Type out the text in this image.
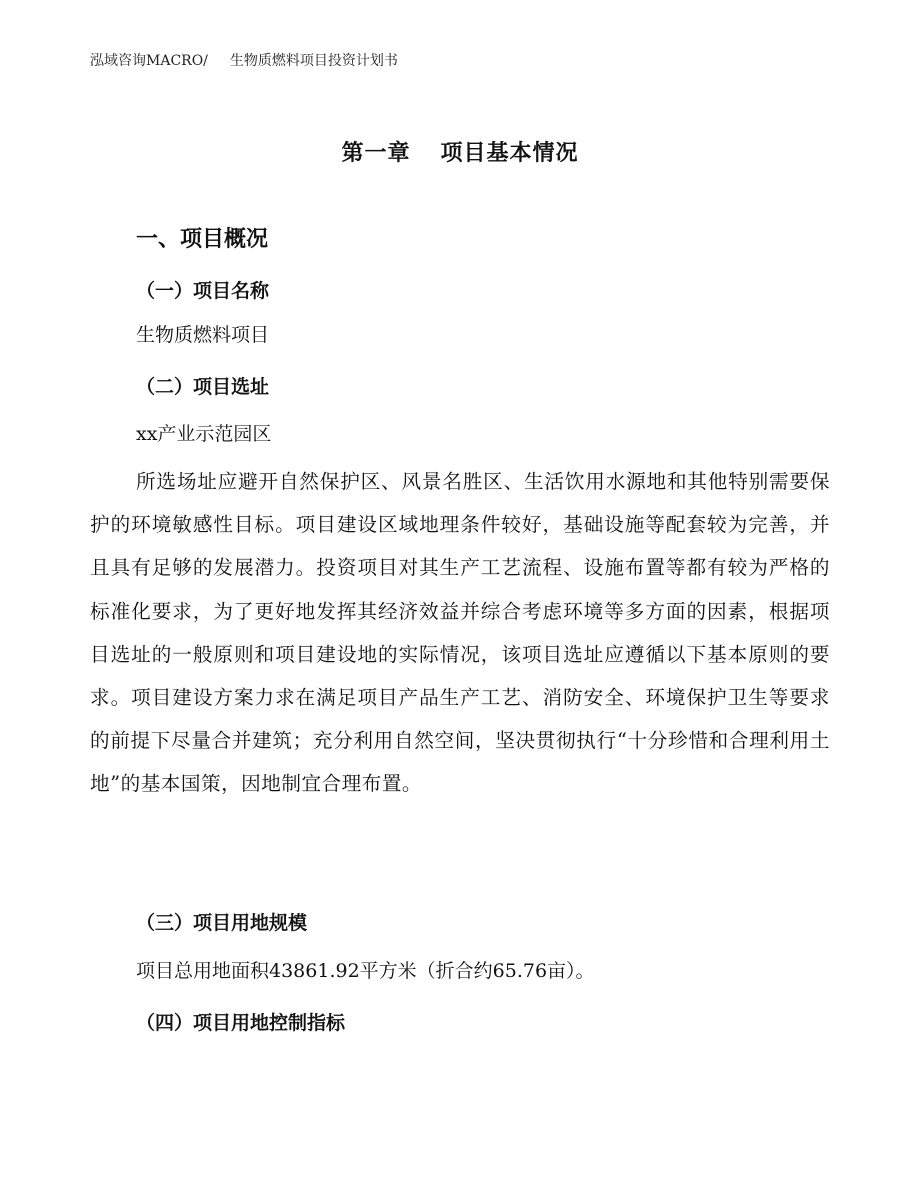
泓域咨询MACRO/ 生物质燃料项目投资计划书
第一章 项目基本情况
一、项目概况
（一）项目名称
生物质燃料项目
（二）项目选址
xx产业示范园区
所选场址应避开自然保护区、风景名胜区、生活饮用水源地和其他特别需要保护的环境敏感性目标。项目建设区域地理条件较好，基础设施等配套较为完善，并且具有足够的发展潜力。投资项目对其生产工艺流程、设施布置等都有较为严格的标准化要求，为了更好地发挥其经济效益并综合考虑环境等多方面的因素，根据项目选址的一般原则和项目建设地的实际情况，该项目选址应遵循以下基本原则的要求。项目建设方案力求在满足项目产品生产工艺、消防安全、环境保护卫生等要求的前提下尽量合并建筑；充分利用自然空间，坚决贯彻执行“十分珍惜和合理利用土地”的基本国策，因地制宜合理布置。
（三）项目用地规模
项目总用地面积43861.92平方米（折合约65.76亩）。
（四）项目用地控制指标
